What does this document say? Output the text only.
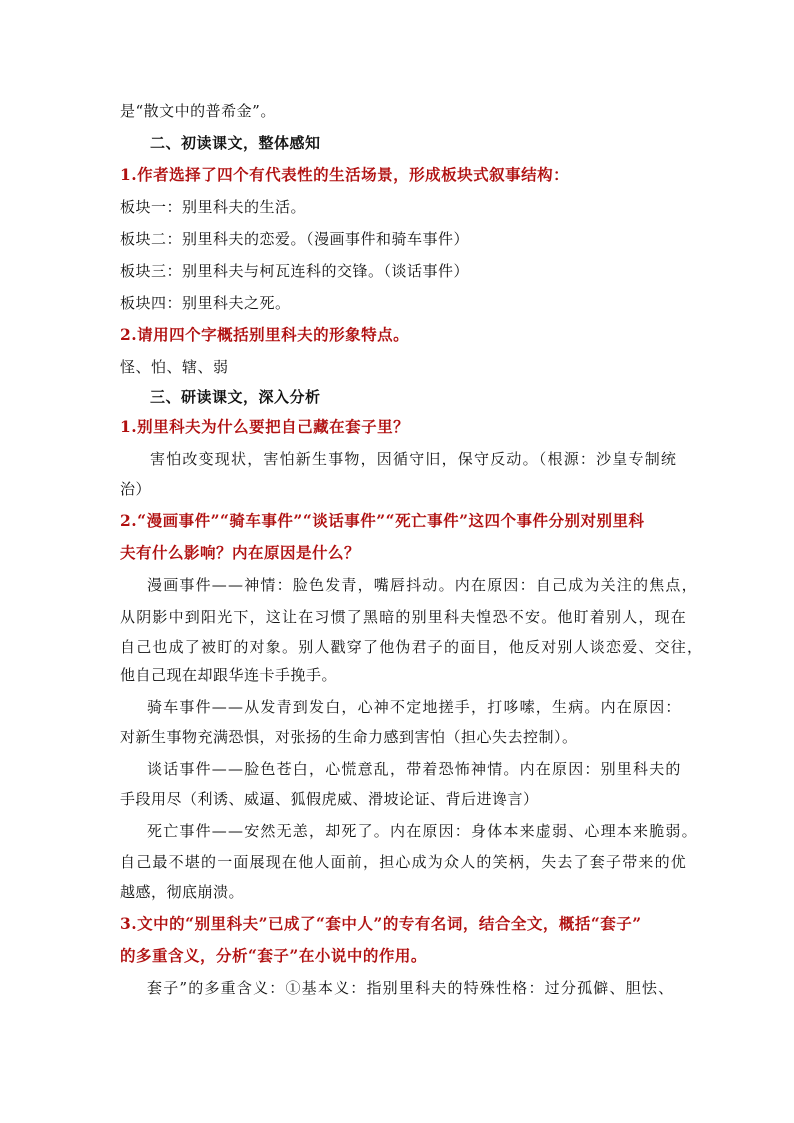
是“散文中的普希金”。
二、初读课文，整体感知
1.作者选择了四个有代表性的生活场景，形成板块式叙事结构：
板块一：别里科夫的生活。
板块二：别里科夫的恋爱。（漫画事件和骑车事件）
板块三：别里科夫与柯瓦连科的交锋。（谈话事件）
板块四：别里科夫之死。
2.请用四个字概括别里科夫的形象特点。
怪、怕、辖、弱
三、研读课文，深入分析
1.别里科夫为什么要把自己藏在套子里？
害怕改变现状，害怕新生事物，因循守旧，保守反动。（根源：沙皇专制统
治）
2.“漫画事件”“骑车事件”“谈话事件”“死亡事件”这四个事件分别对别里科
夫有什么影响？内在原因是什么？
漫画事件——神情：脸色发青，嘴唇抖动。内在原因：自己成为关注的焦点，
从阴影中到阳光下，这让在习惯了黑暗的别里科夫惶恐不安。他盯着别人，现在
自己也成了被盯的对象。别人戳穿了他伪君子的面目，他反对别人谈恋爱、交往，
他自己现在却跟华连卡手挽手。
骑车事件——从发青到发白，心神不定地搓手，打哆嗦，生病。内在原因：
对新生事物充满恐惧，对张扬的生命力感到害怕（担心失去控制）。
谈话事件——脸色苍白，心慌意乱，带着恐怖神情。内在原因：别里科夫的
手段用尽（利诱、威逼、狐假虎威、滑坡论证、背后进谗言）
死亡事件——安然无恙，却死了。内在原因：身体本来虚弱、心理本来脆弱。
自己最不堪的一面展现在他人面前，担心成为众人的笑柄，失去了套子带来的优
越感，彻底崩溃。
3.文中的“别里科夫”已成了“套中人”的专有名词，结合全文，概括“套子”
的多重含义，分析“套子”在小说中的作用。
套子”的多重含义：①基本义：指别里科夫的特殊性格：过分孤僻、胆怯、
